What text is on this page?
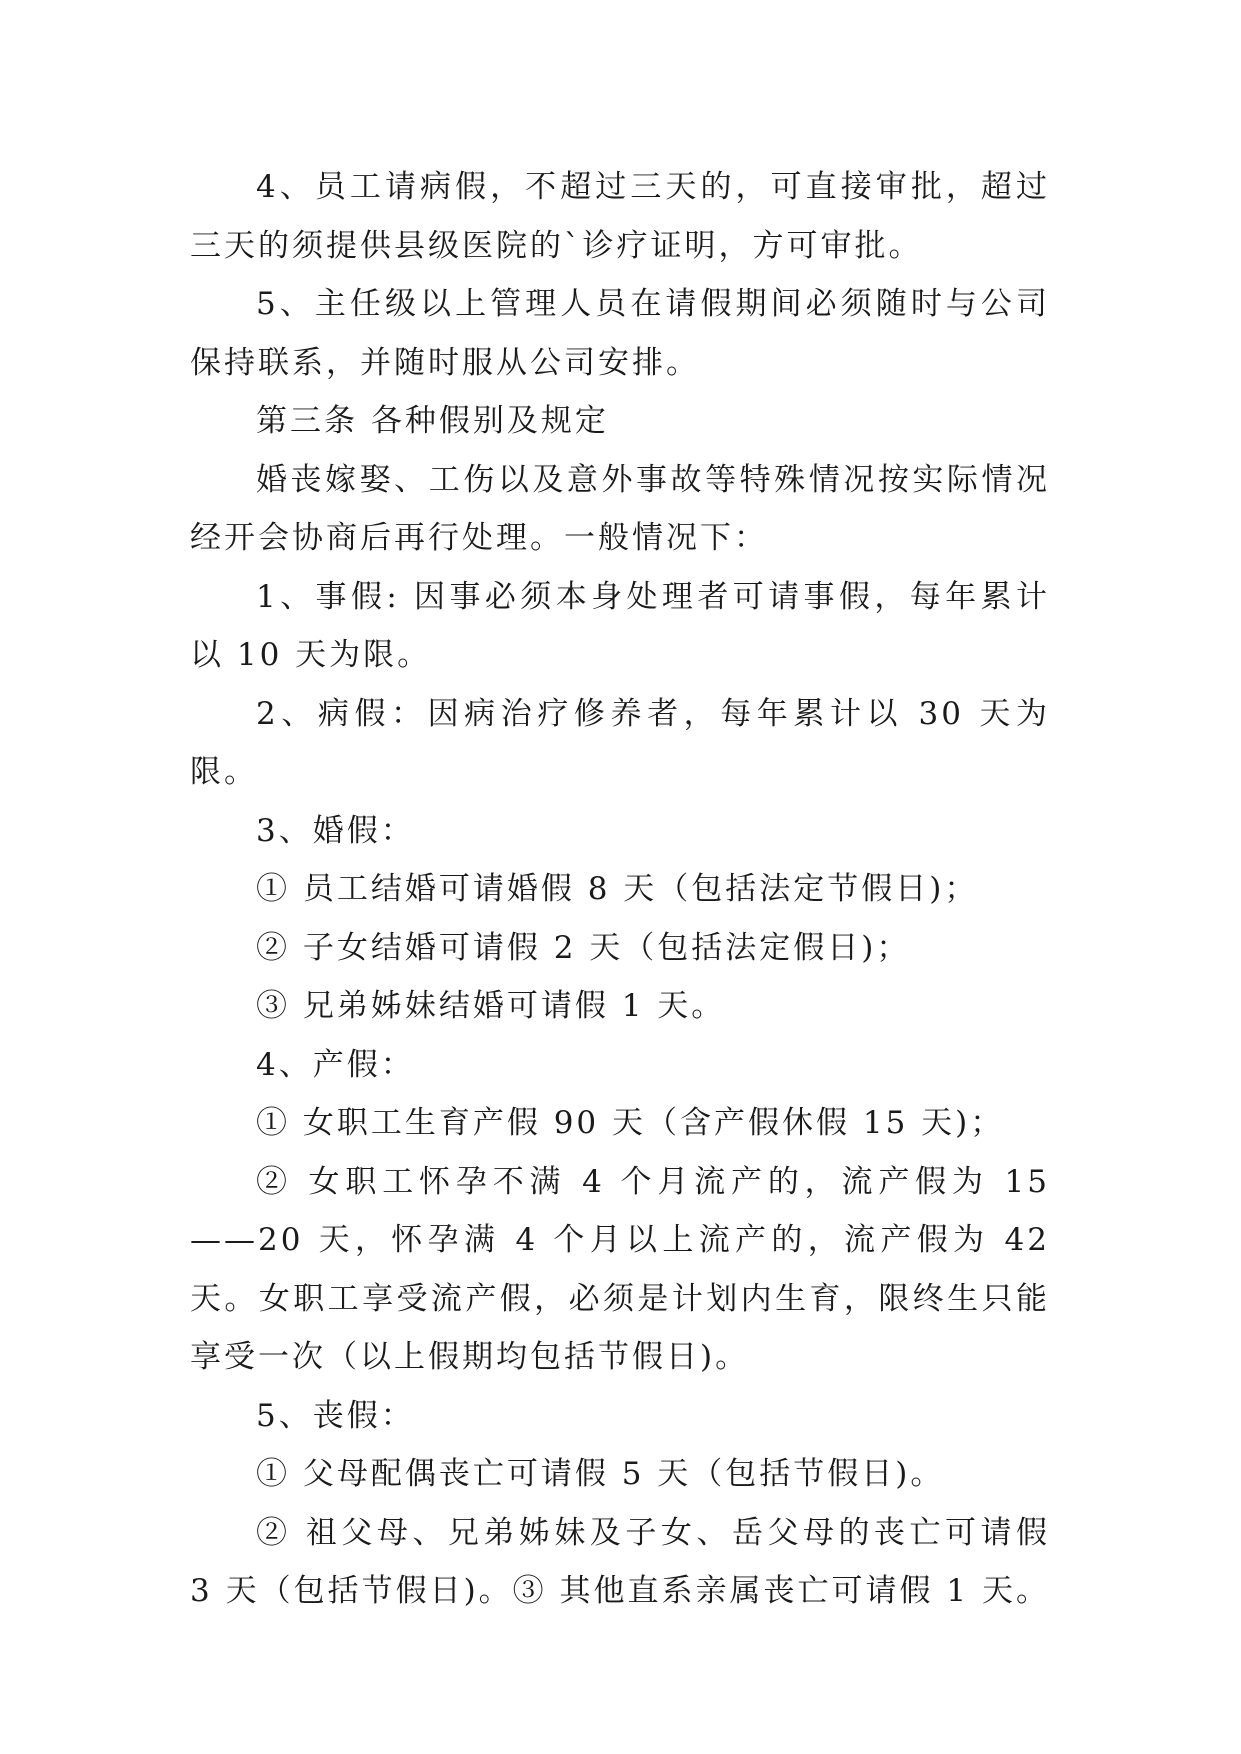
4、员工请病假，不超过三天的，可直接审批，超过三天的须提供县级医院的`诊疗证明，方可审批。

5、主任级以上管理人员在请假期间必须随时与公司保持联系，并随时服从公司安排。

第三条 各种假别及规定

婚丧嫁娶、工伤以及意外事故等特殊情况按实际情况经开会协商后再行处理。一般情况下：

1、事假: 因事必须本身处理者可请事假，每年累计以 10 天为限。

2、病假：因病治疗修养者，每年累计以 30 天为限。

3、婚假：

① 员工结婚可请婚假 8 天（包括法定节假日)；

② 子女结婚可请假 2 天（包括法定假日)；

③ 兄弟姊妹结婚可请假 1 天。

4、产假：

① 女职工生育产假 90 天（含产假休假 15 天)；

② 女职工怀孕不满 4 个月流产的，流产假为 15——20 天，怀孕满 4 个月以上流产的，流产假为 42 天。女职工享受流产假，必须是计划内生育，限终生只能享受一次（以上假期均包括节假日)。

5、丧假：

① 父母配偶丧亡可请假 5 天（包括节假日)。

② 祖父母、兄弟姊妹及子女、岳父母的丧亡可请假 3 天（包括节假日)。③ 其他直系亲属丧亡可请假 1 天。
